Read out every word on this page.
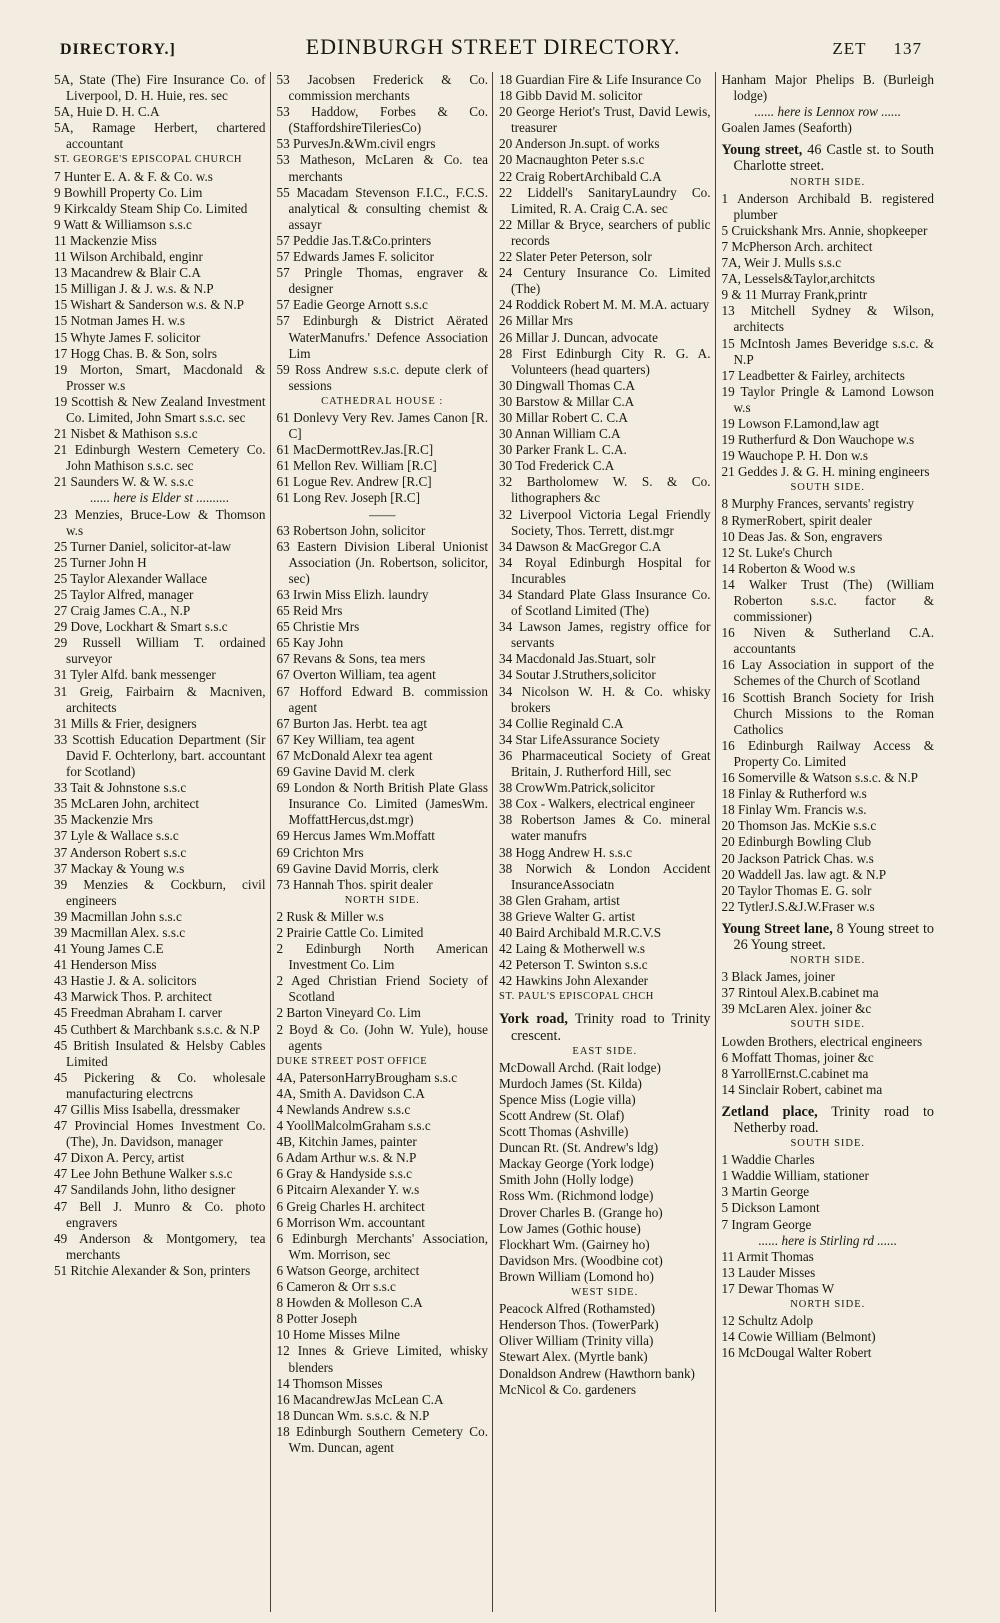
DIRECTORY.]	EDINBURGH STREET DIRECTORY.	ZET 137
5A, State (The) Fire Insurance Co. of Liverpool, D. H. Huie, res. sec
5A, Huie D. H. C.A
5A, Ramage Herbert, chartered accountant
ST. GEORGE'S EPISCOPAL CHURCH
7 Hunter E. A. & F. & Co. w.s
9 Bowhill Property Co. Lim
9 Kirkcaldy Steam Ship Co. Limited
9 Watt & Williamson s.s.c
11 Mackenzie Miss
11 Wilson Archibald, enginr
13 Macandrew & Blair C.A
15 Milligan J. & J. w.s. & N.P
15 Wishart & Sanderson w.s. & N.P
15 Notman James H. w.s
15 Whyte James F. solicitor
17 Hogg Chas. B. & Son, solrs
19 Morton, Smart, Macdonald & Prosser w.s
19 Scottish & New Zealand Investment Co. Limited, John Smart s.s.c. sec
21 Nisbet & Mathison s.s.c
21 Edinburgh Western Cemetery Co. John Mathison s.s.c. sec
21 Saunders W. & W. s.s.c
...... here is Elder st ..........
23 Menzies, Bruce-Low & Thomson w.s
25 Turner Daniel, solicitor-at-law
25 Turner John H
25 Taylor Alexander Wallace
25 Taylor Alfred, manager
27 Craig James C.A., N.P
29 Dove, Lockhart & Smart s.s.c
29 Russell William T. ordained surveyor
31 Tyler Alfd. bank messenger
31 Greig, Fairbairn & Macniven, architects
31 Mills & Frier, designers
33 Scottish Education Department (Sir David F. Ochterlony, bart. accountant for Scotland)
33 Tait & Johnstone s.s.c
35 McLaren John, architect
35 Mackenzie Mrs
37 Lyle & Wallace s.s.c
37 Anderson Robert s.s.c
37 Mackay & Young w.s
39 Menzies & Cockburn, civil engineers
39 Macmillan John s.s.c
39 Macmillan Alex. s.s.c
41 Young James C.E
41 Henderson Miss
43 Hastie J. & A. solicitors
43 Marwick Thos. P. architect
45 Freedman Abraham I. carver
45 Cuthbert & Marchbank s.s.c. & N.P
45 British Insulated & Helsby Cables Limited
45 Pickering & Co. wholesale manufacturing electrcns
47 Gillis Miss Isabella, dressmaker
47 Provincial Homes Investment Co. (The), Jn. Davidson, manager
47 Dixon A. Percy, artist
47 Lee John Bethune Walker s.s.c
47 Sandilands John, litho designer
47 Bell J. Munro & Co. photo engravers
49 Anderson & Montgomery, tea merchants
51 Ritchie Alexander & Son, printers
53 Jacobsen Frederick & Co. commission merchants
53 Haddow, Forbes & Co. (StaffordshireTileriesCo)
53 PurvesJn.&Wm.civil engrs
53 Matheson, McLaren & Co. tea merchants
55 Macadam Stevenson F.I.C., F.C.S. analytical & consulting chemist & assayr
57 Peddie Jas.T.&Co.printers
57 Edwards James F. solicitor
57 Pringle Thomas, engraver & designer
57 Eadie George Arnott s.s.c
57 Edinburgh & District Aërated WaterManufrs.' Defence Association Lim
59 Ross Andrew s.s.c. depute clerk of sessions
CATHEDRAL HOUSE :
61 Donlevy Very Rev. James Canon [R. C]
61 MacDermottRev.Jas.[R.C]
61 Mellon Rev. William [R.C]
61 Logue Rev. Andrew [R.C]
61 Long Rev. Joseph [R.C]
——
63 Robertson John, solicitor
63 Eastern Division Liberal Unionist Association (Jn. Robertson, solicitor, sec)
63 Irwin Miss Elizh. laundry
65 Reid Mrs
65 Christie Mrs
65 Kay John
67 Revans & Sons, tea mers
67 Overton William, tea agent
67 Hofford Edward B. commission agent
67 Burton Jas. Herbt. tea agt
67 Key William, tea agent
67 McDonald Alexr tea agent
69 Gavine David M. clerk
69 London & North British Plate Glass Insurance Co. Limited (JamesWm. MoffattHercus,dst.mgr)
69 Hercus James Wm.Moffatt
69 Crichton Mrs
69 Gavine David Morris, clerk
73 Hannah Thos. spirit dealer
NORTH SIDE.
2 Rusk & Miller w.s
2 Prairie Cattle Co. Limited
2 Edinburgh North American Investment Co. Lim
2 Aged Christian Friend Society of Scotland
2 Barton Vineyard Co. Lim
2 Boyd & Co. (John W. Yule), house agents
DUKE STREET POST OFFICE
4A, PatersonHarryBrougham s.s.c
4A, Smith A. Davidson C.A
4 Newlands Andrew s.s.c
4 YoollMalcolmGraham s.s.c
4B, Kitchin James, painter
6 Adam Arthur w.s. & N.P
6 Gray & Handyside s.s.c
6 Pitcairn Alexander Y. w.s
6 Greig Charles H. architect
6 Morrison Wm. accountant
6 Edinburgh Merchants' Association, Wm. Morrison, sec
6 Watson George, architect
6 Cameron & Orr s.s.c
8 Howden & Molleson C.A
8 Potter Joseph
10 Home Misses Milne
12 Innes & Grieve Limited, whisky blenders
14 Thomson Misses
16 MacandrewJas McLean C.A
18 Duncan Wm. s.s.c. & N.P
18 Edinburgh Southern Cemetery Co. Wm. Duncan, agent
18 Guardian Fire & Life Insurance Co
18 Gibb David M. solicitor
20 George Heriot's Trust, David Lewis, treasurer
20 Anderson Jn.supt. of works
20 Macnaughton Peter s.s.c
22 Craig RobertArchibald C.A
22 Liddell's SanitaryLaundry Co. Limited, R. A. Craig C.A. sec
22 Millar & Bryce, searchers of public records
22 Slater Peter Peterson, solr
24 Century Insurance Co. Limited (The)
24 Roddick Robert M. M. M.A. actuary
26 Millar Mrs
26 Millar J. Duncan, advocate
28 First Edinburgh City R. G. A. Volunteers (head quarters)
30 Dingwall Thomas C.A
30 Barstow & Millar C.A
30 Millar Robert C. C.A
30 Annan William C.A
30 Parker Frank L. C.A.
30 Tod Frederick C.A
32 Bartholomew W. S. & Co. lithographers &c
32 Liverpool Victoria Legal Friendly Society, Thos. Terrett, dist.mgr
34 Dawson & MacGregor C.A
34 Royal Edinburgh Hospital for Incurables
34 Standard Plate Glass Insurance Co. of Scotland Limited (The)
34 Lawson James, registry office for servants
34 Macdonald Jas.Stuart, solr
34 Soutar J.Struthers,solicitor
34 Nicolson W. H. & Co. whisky brokers
34 Collie Reginald C.A
34 Star LifeAssurance Society
36 Pharmaceutical Society of Great Britain, J. Rutherford Hill, sec
38 CrowWm.Patrick,solicitor
38 Cox - Walkers, electrical engineer
38 Robertson James & Co. mineral water manufrs
38 Hogg Andrew H. s.s.c
38 Norwich & London Accident InsuranceAssociatn
38 Glen Graham, artist
38 Grieve Walter G. artist
40 Baird Archibald M.R.C.V.S
42 Laing & Motherwell w.s
42 Peterson T. Swinton s.s.c
42 Hawkins John Alexander
ST. PAUL'S EPISCOPAL CHCH
York road, Trinity road to Trinity crescent.
EAST SIDE.
McDowall Archd. (Rait lodge)
Murdoch James (St. Kilda)
Spence Miss (Logie villa)
Scott Andrew (St. Olaf)
Scott Thomas (Ashville)
Duncan Rt. (St. Andrew's ldg)
Mackay George (York lodge)
Smith John (Holly lodge)
Ross Wm. (Richmond lodge)
Drover Charles B. (Grange ho)
Low James (Gothic house)
Flockhart Wm. (Gairney ho)
Davidson Mrs. (Woodbine cot)
Brown William (Lomond ho)
WEST SIDE.
Peacock Alfred (Rothamsted)
Henderson Thos. (TowerPark)
Oliver William (Trinity villa)
Stewart Alex. (Myrtle bank)
Donaldson Andrew (Hawthorn bank)
McNicol & Co. gardeners
Hanham Major Phelips B. (Burleigh lodge)
...... here is Lennox row ......
Goalen James (Seaforth)
Young street, 46 Castle st. to South Charlotte street.
NORTH SIDE.
1 Anderson Archibald B. registered plumber
5 Cruickshank Mrs. Annie, shopkeeper
7 McPherson Arch. architect
7A, Weir J. Mulls s.s.c
7A, Lessels&Taylor,architcts
9 & 11 Murray Frank,printr
13 Mitchell Sydney & Wilson, architects
15 McIntosh James Beveridge s.s.c. & N.P
17 Leadbetter & Fairley, architects
19 Taylor Pringle & Lamond Lowson w.s
19 Lowson F.Lamond,law agt
19 Rutherfurd & Don Wauchope w.s
19 Wauchope P. H. Don w.s
21 Geddes J. & G. H. mining engineers
SOUTH SIDE.
8 Murphy Frances, servants' registry
8 RymerRobert, spirit dealer
10 Deas Jas. & Son, engravers
12 St. Luke's Church
14 Roberton & Wood w.s
14 Walker Trust (The) (William Roberton s.s.c. factor & commissioner)
16 Niven & Sutherland C.A. accountants
16 Lay Association in support of the Schemes of the Church of Scotland
16 Scottish Branch Society for Irish Church Missions to the Roman Catholics
16 Edinburgh Railway Access & Property Co. Limited
16 Somerville & Watson s.s.c. & N.P
18 Finlay & Rutherford w.s
18 Finlay Wm. Francis w.s.
20 Thomson Jas. McKie s.s.c
20 Edinburgh Bowling Club
20 Jackson Patrick Chas. w.s
20 Waddell Jas. law agt. & N.P
20 Taylor Thomas E. G. solr
22 TytlerJ.S.&J.W.Fraser w.s
Young Street lane, 8 Young street to 26 Young street.
NORTH SIDE.
3 Black James, joiner
37 Rintoul Alex.B.cabinet ma
39 McLaren Alex. joiner &c
SOUTH SIDE.
Lowden Brothers, electrical engineers
6 Moffatt Thomas, joiner &c
8 YarrollErnst.C.cabinet ma
14 Sinclair Robert, cabinet ma
Zetland place, Trinity road to Netherby road.
SOUTH SIDE.
1 Waddie Charles
1 Waddie William, stationer
3 Martin George
5 Dickson Lamont
7 Ingram George
...... here is Stirling rd ......
11 Armit Thomas
13 Lauder Misses
17 Dewar Thomas W
NORTH SIDE.
12 Schultz Adolp
14 Cowie William (Belmont)
16 McDougal Walter Robert
